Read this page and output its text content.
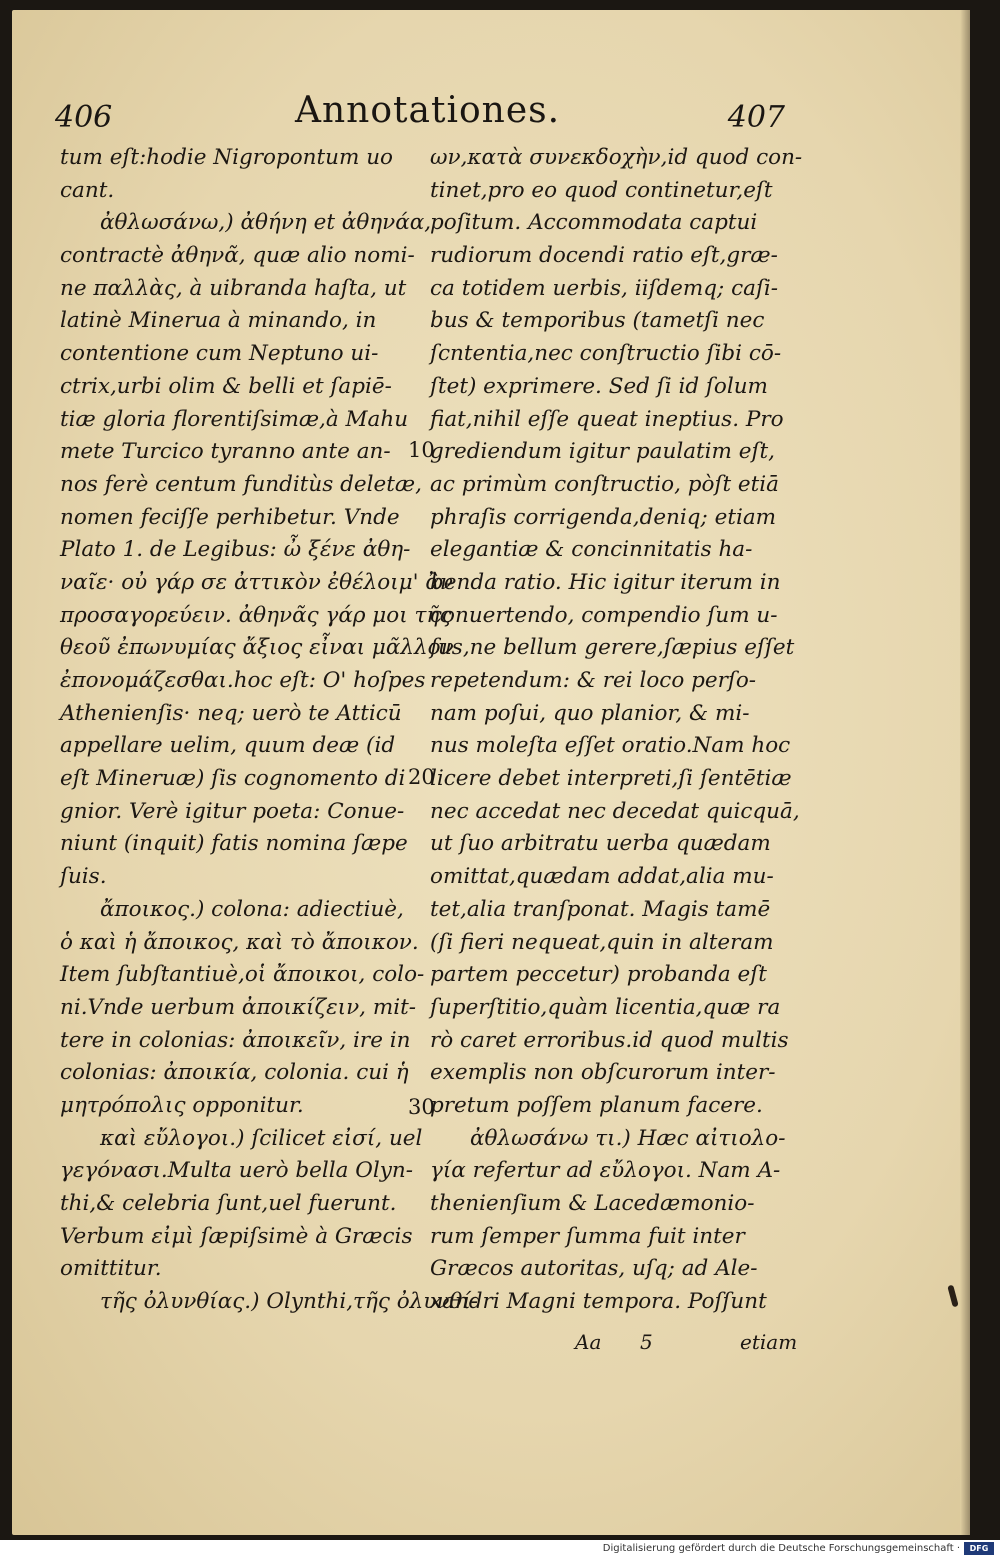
406	Annotationes.	407
tum eſt:hodie Nigropontum uo
cant.
ἀθλωσάνω,) ἀθήνη et ἀθηνάα,
contractè ἀθηνᾶ, quæ alio nomi-
ne παλλὰς, à uibranda haſta, ut
latinè Minerua à minando, in
contentione cum Neptuno ui-
ctrix,urbi olim & belli et ſapiē-
tiæ gloria florentiſsimæ,à Mahu
mete Turcico tyranno ante an-
nos ferè centum funditùs deletæ,
nomen feciſſe perhibetur. Vnde
Plato 1. de Legibus: ὦ ξένε ἀθη-
ναῖε· οὐ γάρ σε ἀττικὸν ἐθέλοιμ' ἂν
προσαγορεύειν. ἀθηνᾶς γάρ μοι τῆς
θεοῦ ἐπωνυμίας ἄξιος εἶναι μᾶλλον
ἐπονομάζεσθαι.hoc eſt: O' hoſpes
Athenienſis· neq; uerò te Atticū
appellare uelim, quum deæ (id
eſt Mineruæ) ſis cognomento di
gnior. Verè igitur poeta: Conue-
niunt (inquit) fatis nomina ſæpe
ſuis.
ἄποικος.) colona: adiectiuè,
ὁ καὶ ἡ ἄποικος, καὶ τὸ ἄποικον.
Item ſubſtantiuè,οἱ ἄποικοι, colo-
ni.Vnde uerbum ἀποικίζειν, mit-
tere in colonias: ἀποικεῖν, ire in
colonias: ἀποικία, colonia. cui ἡ
μητρόπολις opponitur.
καὶ εὔλογοι.) ſcilicet εἰσί, uel
γεγόνασι.Multa uerò bella Olyn-
thi,& celebria ſunt,uel fuerunt.
Verbum εἰμὶ ſæpiſsimè à Græcis
omittitur.
τῆς ὀλυνθίας.) Olynthi,τῆς ὀλυνθί-
ων,κατὰ συνεκδοχὴν,id quod con-
tinet,pro eo quod continetur,eſt
poſitum. Accommodata captui
rudiorum docendi ratio eſt,græ-
ca totidem uerbis, iiſdemq; caſi-
bus & temporibus (tametſi nec
ſcntentia,nec conſtructio ſibi cō-
ſtet) exprimere. Sed ſi id ſolum
fiat,nihil eſſe queat ineptius. Pro
grediendum igitur paulatim eſt,
ac primùm conſtructio, pòſt etiā
phraſis corrigenda,deniq; etiam
elegantiæ & concinnitatis ha-
benda ratio. Hic igitur iterum in
conuertendo, compendio ſum u-
ſus,ne bellum gerere,ſæpius eſſet
repetendum: & rei loco perſo-
nam poſui, quo planior, & mi-
nus moleſta eſſet oratio.Nam hoc
licere debet interpreti,ſi ſentētiæ
nec accedat nec decedat quicquā,
ut ſuo arbitratu uerba quædam
omittat,quædam addat,alia mu-
tet,alia tranſponat. Magis tamē
(ſi fieri nequeat,quin in alteram
partem peccetur) probanda eſt
ſuperſtitio,quàm licentia,quæ ra
rò caret erroribus.id quod multis
exemplis non obſcurorum inter-
pretum poſſem planum facere.
ἀθλωσάνω τι.) Hæc αἰτιολο-
γία refertur ad εὔλογοι. Nam A-
thenienſium & Lacedæmonio-
rum ſemper ſumma fuit inter
Græcos autoritas, uſq; ad Ale-
xandri Magni tempora. Poſſunt
10
20
30
Aa 5	etiam
Digitalisierung gefördert durch die Deutsche Forschungsgemeinschaft ·	DFG
